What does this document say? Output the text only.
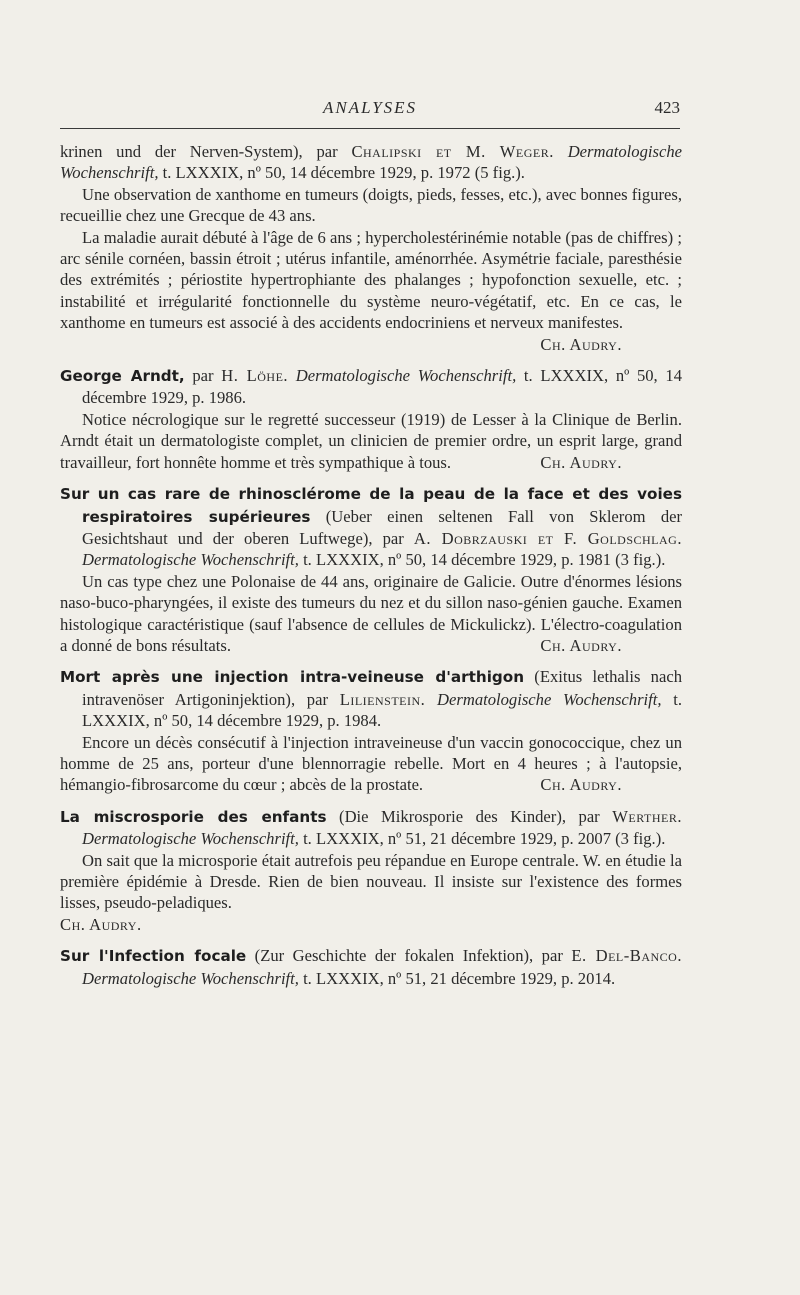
ANALYSES	423

krinen und der Nerven-System), par Chalipski et M. Weger. Dermatologische Wochenschrift, t. LXXXIX, nº 50, 14 décembre 1929, p. 1972 (5 fig.).

Une observation de xanthome en tumeurs (doigts, pieds, fesses, etc.), avec bonnes figures, recueillie chez une Grecque de 43 ans.

La maladie aurait débuté à l'âge de 6 ans ; hypercholestérinémie notable (pas de chiffres) ; arc sénile cornéen, bassin étroit ; utérus infantile, aménorrhée. Asymétrie faciale, paresthésie des extrémités ; périostite hypertrophiante des phalanges ; hypofonction sexuelle, etc. ; instabilité et irrégularité fonctionnelle du système neuro-végétatif, etc. En ce cas, le xanthome en tumeurs est associé à des accidents endocriniens et nerveux manifestes.
Ch. Audry.

George Arndt, par H. Löhe. Dermatologische Wochenschrift, t. LXXXIX, nº 50, 14 décembre 1929, p. 1986.

Notice nécrologique sur le regretté successeur (1919) de Lesser à la Clinique de Berlin. Arndt était un dermatologiste complet, un clinicien de premier ordre, un esprit large, grand travailleur, fort honnête homme et très sympathique à tous.	Ch. Audry.

Sur un cas rare de rhinosclérome de la peau de la face et des voies respiratoires supérieures (Ueber einen seltenen Fall von Sklerom der Gesichtshaut und der oberen Luftwege), par A. Dobrzauski et F. Goldschlag. Dermatologische Wochenschrift, t. LXXXIX, nº 50, 14 décembre 1929, p. 1981 (3 fig.).

Un cas type chez une Polonaise de 44 ans, originaire de Galicie. Outre d'énormes lésions naso-buco-pharyngées, il existe des tumeurs du nez et du sillon naso-génien gauche. Examen histologique caractéristique (sauf l'absence de cellules de Mickulickz). L'électro-coagulation a donné de bons résultats.	Ch. Audry.

Mort après une injection intra-veineuse d'arthigon (Exitus lethalis nach intravenöser Artigoninjektion), par Lilienstein. Dermatologische Wochenschrift, t. LXXXIX, nº 50, 14 décembre 1929, p. 1984.

Encore un décès consécutif à l'injection intraveineuse d'un vaccin gonococcique, chez un homme de 25 ans, porteur d'une blennorragie rebelle. Mort en 4 heures ; à l'autopsie, hémangio-fibrosarcome du cœur ; abcès de la prostate.	Ch. Audry.

La miscrosporie des enfants (Die Mikrosporie des Kinder), par Werther. Dermatologische Wochenschrift, t. LXXXIX, nº 51, 21 décembre 1929, p. 2007 (3 fig.).

On sait que la microsporie était autrefois peu répandue en Europe centrale. W. en étudie la première épidémie à Dresde. Rien de bien nouveau. Il insiste sur l'existence des formes lisses, pseudo-peladiques.

Ch. Audry.

Sur l'Infection focale (Zur Geschichte der fokalen Infektion), par E. Del-Banco. Dermatologische Wochenschrift, t. LXXXIX, nº 51, 21 décembre 1929, p. 2014.
